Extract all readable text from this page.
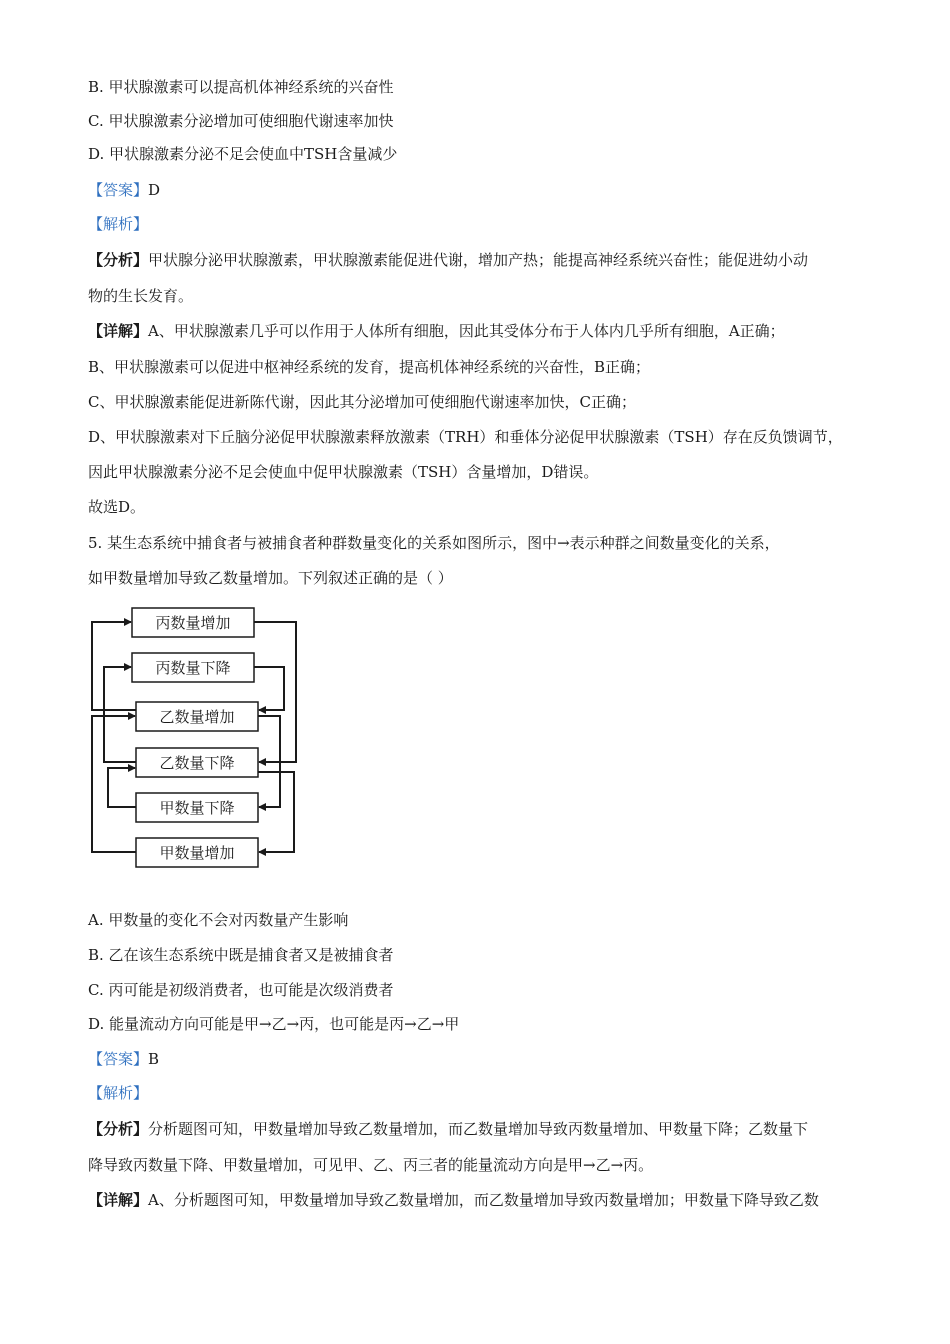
B. 甲状腺激素可以提高机体神经系统的兴奋性
C. 甲状腺激素分泌增加可使细胞代谢速率加快
D. 甲状腺激素分泌不足会使血中TSH含量减少
【答案】D
【解析】
【分析】甲状腺分泌甲状腺激素，甲状腺激素能促进代谢，增加产热；能提高神经系统兴奋性；能促进幼小动
物的生长发育。
【详解】A、甲状腺激素几乎可以作用于人体所有细胞，因此其受体分布于人体内几乎所有细胞，A正确；
B、甲状腺激素可以促进中枢神经系统的发育，提高机体神经系统的兴奋性，B正确；
C、甲状腺激素能促进新陈代谢，因此其分泌增加可使细胞代谢速率加快，C正确；
D、甲状腺激素对下丘脑分泌促甲状腺激素释放激素（TRH）和垂体分泌促甲状腺激素（TSH）存在反负馈调节，
因此甲状腺激素分泌不足会使血中促甲状腺激素（TSH）含量增加，D错误。
故选D。
5. 某生态系统中捕食者与被捕食者种群数量变化的关系如图所示，图中→表示种群之间数量变化的关系，
如甲数量增加导致乙数量增加。下列叙述正确的是（ ）
丙数量增加
丙数量下降
乙数量增加
乙数量下降
甲数量下降
甲数量增加
A. 甲数量的变化不会对丙数量产生影响
B. 乙在该生态系统中既是捕食者又是被捕食者
C. 丙可能是初级消费者，也可能是次级消费者
D. 能量流动方向可能是甲→乙→丙，也可能是丙→乙→甲
【答案】B
【解析】
【分析】分析题图可知，甲数量增加导致乙数量增加，而乙数量增加导致丙数量增加、甲数量下降；乙数量下
降导致丙数量下降、甲数量增加，可见甲、乙、丙三者的能量流动方向是甲→乙→丙。
【详解】A、分析题图可知，甲数量增加导致乙数量增加，而乙数量增加导致丙数量增加；甲数量下降导致乙数
